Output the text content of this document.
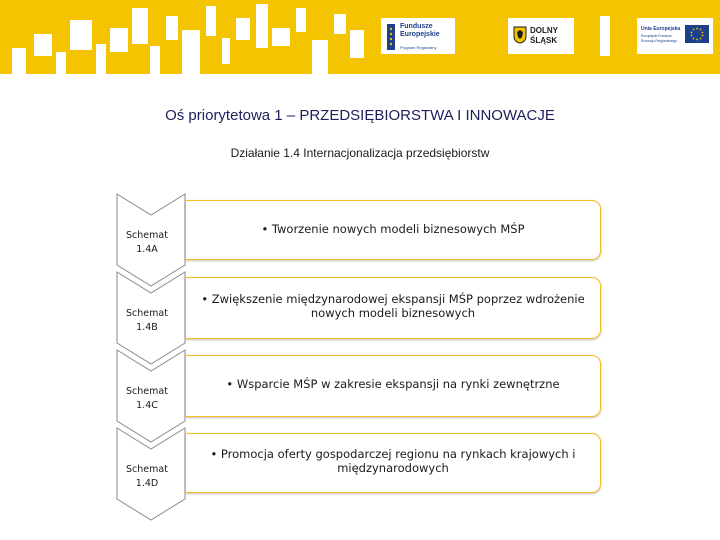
Fundusze
Europejskie
Program Regionalny
DOLNY
ŚLĄSK
Unia Europejska
Europejski Fundusz Rozwoju Regionalnego
Oś priorytetowa 1 – PRZEDSIĘBIORSTWA I INNOWACJE
Działanie 1.4 Internacjonalizacja przedsiębiorstw
Schemat
1.4A

• Tworzenie nowych modeli biznesowych MŚP

Schemat
1.4B

• Zwiększenie międzynarodowej ekspansji MŚP poprzez wdrożenie nowych modeli biznesowych

Schemat
1.4C

• Wsparcie MŚP w zakresie ekspansji na rynki zewnętrzne

Schemat
1.4D

• Promocja oferty gospodarczej regionu na rynkach krajowych i międzynarodowych
